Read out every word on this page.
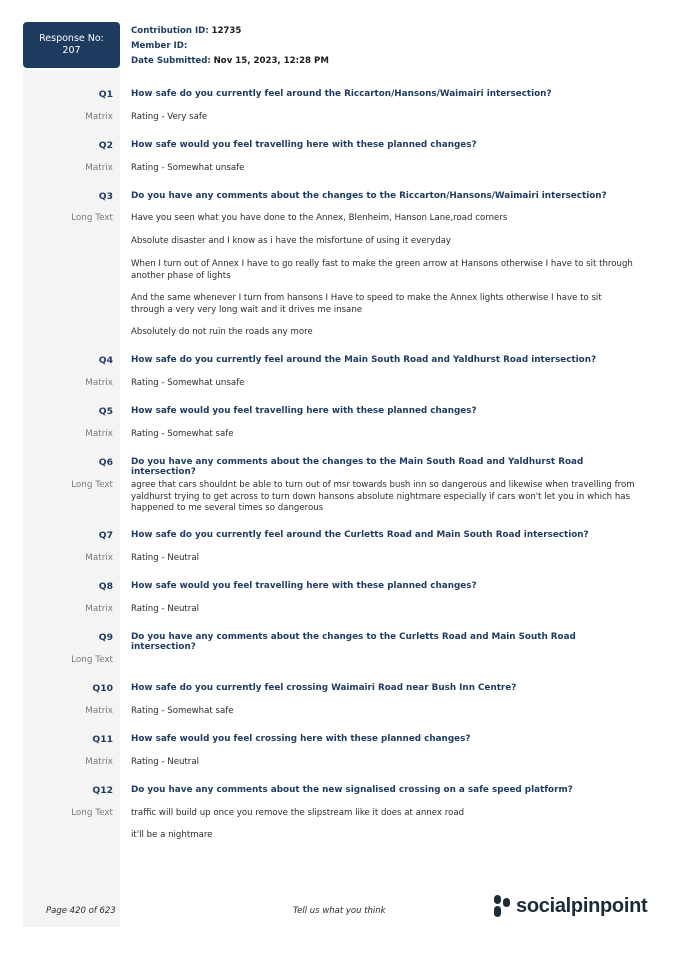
Response No:
207
Contribution ID: 12735
Member ID:
Date Submitted: Nov 15, 2023, 12:28 PM
Q1 How safe do you currently feel around the Riccarton/Hansons/Waimairi intersection?
Matrix Rating - Very safe
Q2 How safe would you feel travelling here with these planned changes?
Matrix Rating - Somewhat unsafe
Q3 Do you have any comments about the changes to the Riccarton/Hansons/Waimairi intersection?
Long Text Have you seen what you have done to the Annex, Blenheim, Hanson Lane,road corners
Absolute disaster and I know as i have the misfortune of using it everyday
When I turn out of Annex I have to go really fast to make the green arrow at Hansons otherwise I have to sit through another phase of lights
And the same whenever I turn from hansons I Have to speed to make the Annex lights otherwise I have to sit through a very very long wait and it drives me insane
Absolutely do not ruin the roads any more
Q4 How safe do you currently feel around the Main South Road and Yaldhurst Road intersection?
Matrix Rating - Somewhat unsafe
Q5 How safe would you feel travelling here with these planned changes?
Matrix Rating - Somewhat safe
Q6 Do you have any comments about the changes to the Main South Road and Yaldhurst Road intersection?
Long Text agree that cars shouldnt be able to turn out of msr towards bush inn so dangerous and likewise when travelling from yaldhurst trying to get across to turn down hansons absolute nightmare especially if cars won't let you in which has happened to me several times so dangerous
Q7 How safe do you currently feel around the Curletts Road and Main South Road intersection?
Matrix Rating - Neutral
Q8 How safe would you feel travelling here with these planned changes?
Matrix Rating - Neutral
Q9 Do you have any comments about the changes to the Curletts Road and Main South Road intersection?
Long Text
Q10 How safe do you currently feel crossing Waimairi Road near Bush Inn Centre?
Matrix Rating - Somewhat safe
Q11 How safe would you feel crossing here with these planned changes?
Matrix Rating - Neutral
Q12 Do you have any comments about the new signalised crossing on a safe speed platform?
Long Text traffic will build up once you remove the slipstream like it does at annex road
it'll be a nightmare
Page 420 of 623	Tell us what you think	socialpinpoint
